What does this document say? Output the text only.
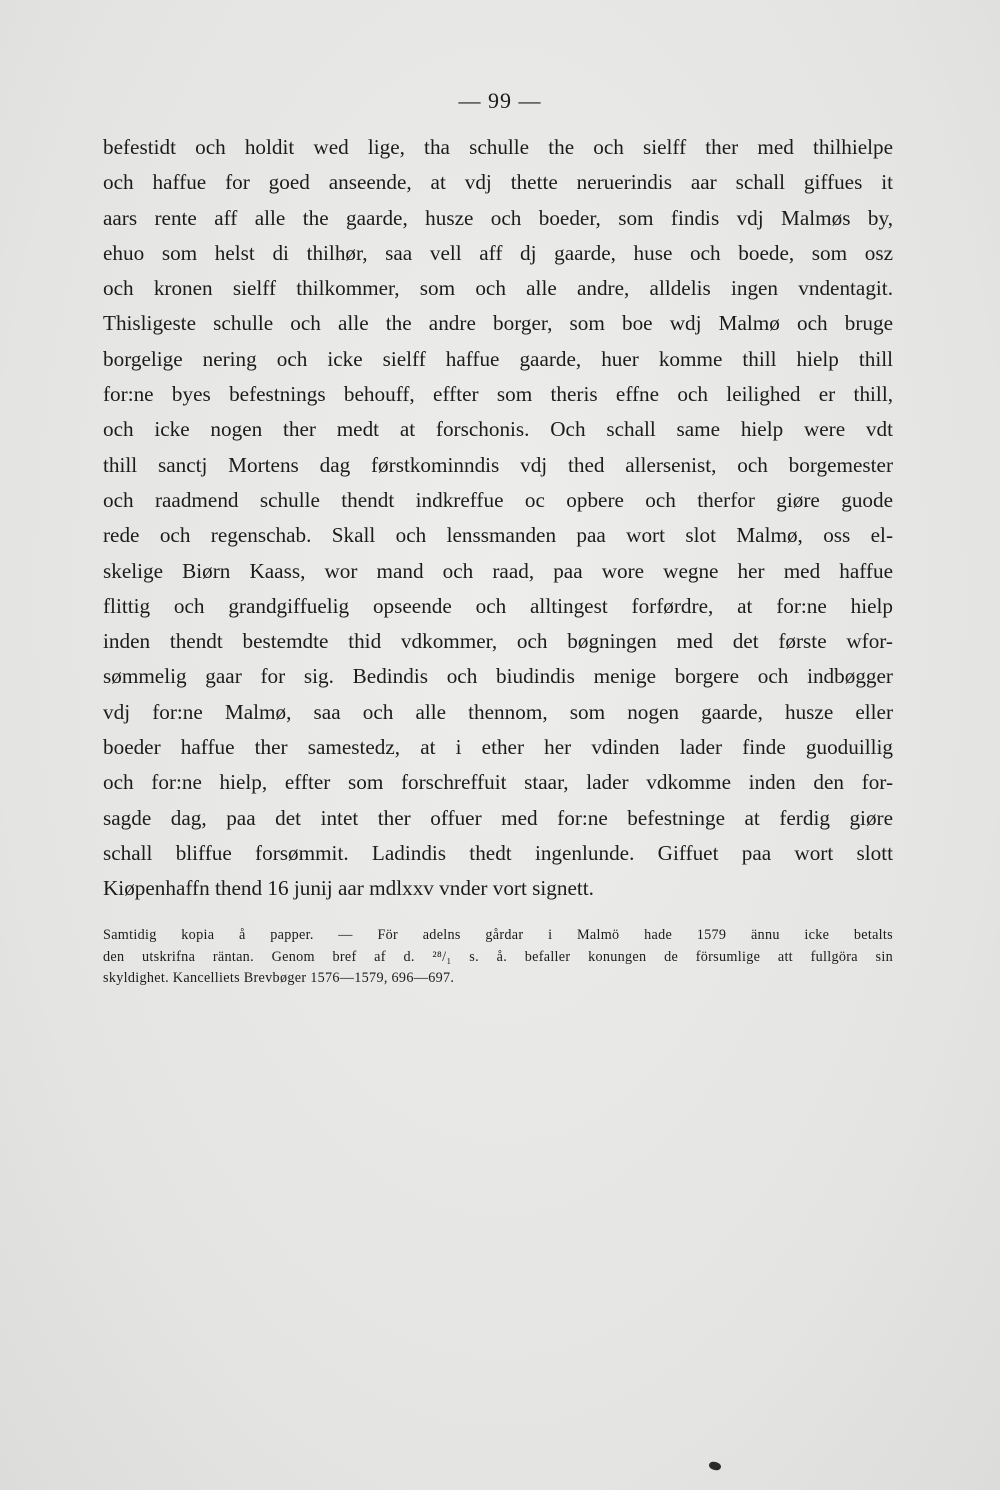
— 99 —
befestidt och holdit wed lige, tha schulle the och sielff ther med thilhielpe
och haffue for goed anseende, at vdj thette neruerindis aar schall giffues it
aars rente aff alle the gaarde, husze och boeder, som findis vdj Malmøs by,
ehuo som helst di thilhør, saa vell aff dj gaarde, huse och boede, som osz
och kronen sielff thilkommer, som och alle andre, alldelis ingen vndentagit.
Thisligeste schulle och alle the andre borger, som boe wdj Malmø och bruge
borgelige nering och icke sielff haffue gaarde, huer komme thill hielp thill
for:ne byes befestnings behouff, effter som theris effne och leilighed er thill,
och icke nogen ther medt at forschonis. Och schall same hielp were vdt
thill sanctj Mortens dag førstkominndis vdj thed allersenist, och borgemester
och raadmend schulle thendt indkreffue oc opbere och therfor giøre guode
rede och regenschab. Skall och lenssmanden paa wort slot Malmø, oss el-
skelige Biørn Kaass, wor mand och raad, paa wore wegne her med haffue
flittig och grandgiffuelig opseende och alltingest forførdre, at for:ne hielp
inden thendt bestemdte thid vdkommer, och bøgningen med det første wfor-
sømmelig gaar for sig. Bedindis och biudindis menige borgere och indbøgger
vdj for:ne Malmø, saa och alle thennom, som nogen gaarde, husze eller
boeder haffue ther samestedz, at i ether her vdinden lader finde guoduillig
och for:ne hielp, effter som forschreffuit staar, lader vdkomme inden den for-
sagde dag, paa det intet ther offuer med for:ne befestninge at ferdig giøre
schall bliffue forsømmit. Ladindis thedt ingenlunde. Giffuet paa wort slott
Kiøpenhaffn thend 16 junij aar mdlxxv vnder vort signett.
Samtidig kopia å papper. — För adelns gårdar i Malmö hade 1579 ännu icke betalts
den utskrifna räntan. Genom bref af d. ²⁸/₁ s. å. befaller konungen de försumlige att fullgöra sin
skyldighet. Kancelliets Brevbøger 1576—1579, 696—697.
